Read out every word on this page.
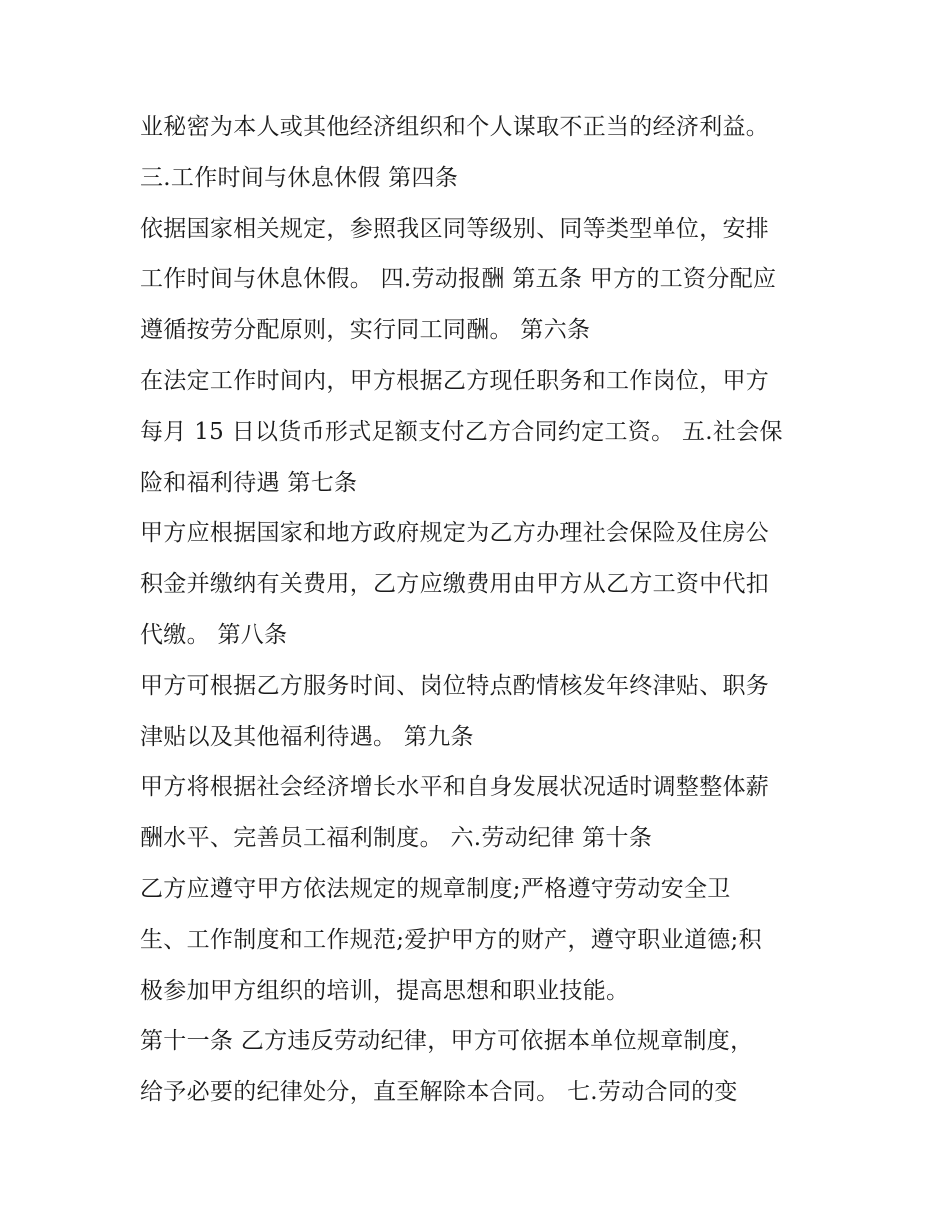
业秘密为本人或其他经济组织和个人谋取不正当的经济利益。
三.工作时间与休息休假 第四条
依据国家相关规定，参照我区同等级别、同等类型单位，安排
工作时间与休息休假。 四.劳动报酬 第五条 甲方的工资分配应
遵循按劳分配原则，实行同工同酬。 第六条
在法定工作时间内，甲方根据乙方现任职务和工作岗位，甲方
每月 15 日以货币形式足额支付乙方合同约定工资。 五.社会保
险和福利待遇 第七条
甲方应根据国家和地方政府规定为乙方办理社会保险及住房公
积金并缴纳有关费用，乙方应缴费用由甲方从乙方工资中代扣
代缴。 第八条
甲方可根据乙方服务时间、岗位特点酌情核发年终津贴、职务
津贴以及其他福利待遇。 第九条
甲方将根据社会经济增长水平和自身发展状况适时调整整体薪
酬水平、完善员工福利制度。 六.劳动纪律 第十条
乙方应遵守甲方依法规定的规章制度;严格遵守劳动安全卫
生、工作制度和工作规范;爱护甲方的财产，遵守职业道德;积
极参加甲方组织的培训，提高思想和职业技能。
第十一条 乙方违反劳动纪律，甲方可依据本单位规章制度，
给予必要的纪律处分，直至解除本合同。 七.劳动合同的变
